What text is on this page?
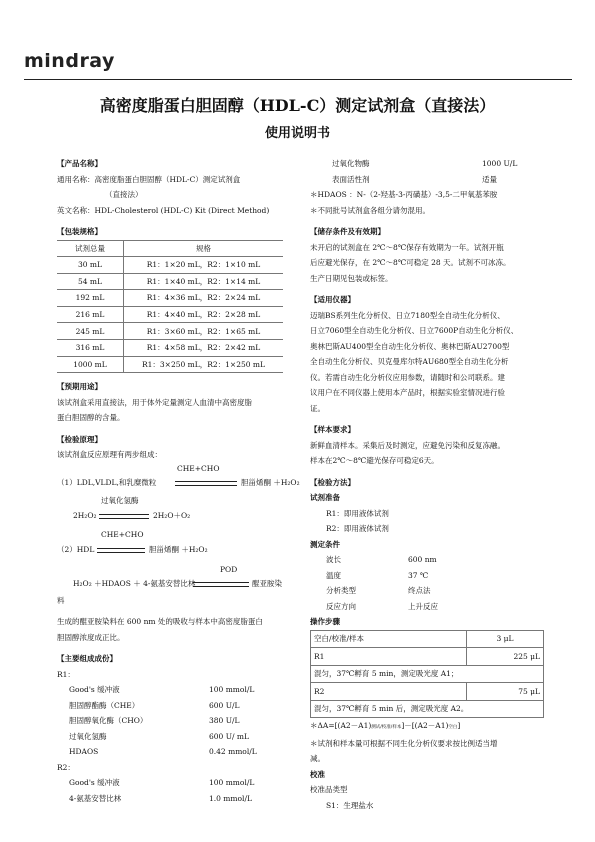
mindray
高密度脂蛋白胆固醇（HDL-C）测定试剂盒（直接法）
使用说明书
【产品名称】
通用名称：高密度脂蛋白胆固醇（HDL-C）测定试剂盒
（直接法）
英文名称：HDL-Cholesterol (HDL-C) Kit (Direct Method)
【包装规格】
试剂总量	规格
30 mL	R1：1×20 mL，R2：1×10 mL
54 mL	R1：1×40 mL，R2：1×14 mL
192 mL	R1：4×36 mL，R2：2×24 mL
216 mL	R1：4×40 mL，R2：2×28 mL
245 mL	R1：3×60 mL，R2：1×65 mL
316 mL	R1：4×58 mL，R2：2×42 mL
1000 mL	R1：3×250 mL，R2：1×250 mL
【预期用途】
该试剂盒采用直接法，用于体外定量测定人血清中高密度脂
蛋白胆固醇的含量。
【检验原理】
该试剂盒反应原理有两步组成：
CHE+CHO
（1）LDL,VLDL,和乳糜微粒	胆甾烯酮 ＋H₂O₂
过氧化氢酶
2H₂O₂	2H₂O＋O₂
CHE+CHO
（2）HDL	胆甾烯酮 ＋H₂O₂
POD
H₂O₂ ＋HDAOS ＋ 4-氨基安替比林	醌亚胺染
料
生成的醌亚胺染料在 600 nm 处的吸收与样本中高密度脂蛋白
胆固醇浓度成正比。
【主要组成成份】
R1：
Good's 缓冲液	100 mmol/L
胆固醇酯酶（CHE）	600 U/L
胆固醇氧化酶（CHO）	380 U/L
过氧化氢酶	600 U/ mL
HDAOS	0.42 mmol/L
R2：
Good's 缓冲液	100 mmol/L
4-氨基安替比林	1.0 mmol/L
过氧化物酶	1000 U/L
表面活性剂	适量
＊HDAOS ：N-（2-羟基-3-丙磺基）-3,5-二甲氧基苯胺
＊不同批号试剂盒各组分请勿混用。
【储存条件及有效期】
未开启的试剂盒在 2℃～8℃保存有效期为一年。试剂开瓶
后应避光保存，在 2℃～8℃可稳定 28 天。试剂不可冰冻。
生产日期见包装或标签。
【适用仪器】
迈瑞BS系列生化分析仪、日立7180型全自动生化分析仪、
日立7060型全自动生化分析仪、日立7600P自动生化分析仪、
奥林巴斯AU400型全自动生化分析仪、奥林巴斯AU2700型
全自动生化分析仪、贝克曼库尔特AU680型全自动生化分析
仪。若需自动生化分析仪应用参数，请随时和公司联系。建
议用户在不同仪器上使用本产品时，根据实验室情况进行验
证。
【样本要求】
新鲜血清样本。采集后及时测定，应避免污染和反复冻融。
样本在2℃～8℃避光保存可稳定6天。
【检验方法】
试剂准备
R1：即用液体试剂
R2：即用液体试剂
测定条件
波长	600 nm
温度	37 ℃
分析类型	终点法
反应方向	上升反应
操作步骤
空白/校准/样本	3 μL
R1	225 μL
混匀，37℃孵育 5 min，测定吸光度 A1；	
R2	75 μL
混匀，37℃孵育 5 min 后，测定吸光度 A2。	
＊ΔA=[(A2－A1)测试/校准/样本]－[(A2－A1)空白]
＊试剂和样本量可根据不同生化分析仪要求按比例适当增
减。
校准
校准品类型
S1：生理盐水
